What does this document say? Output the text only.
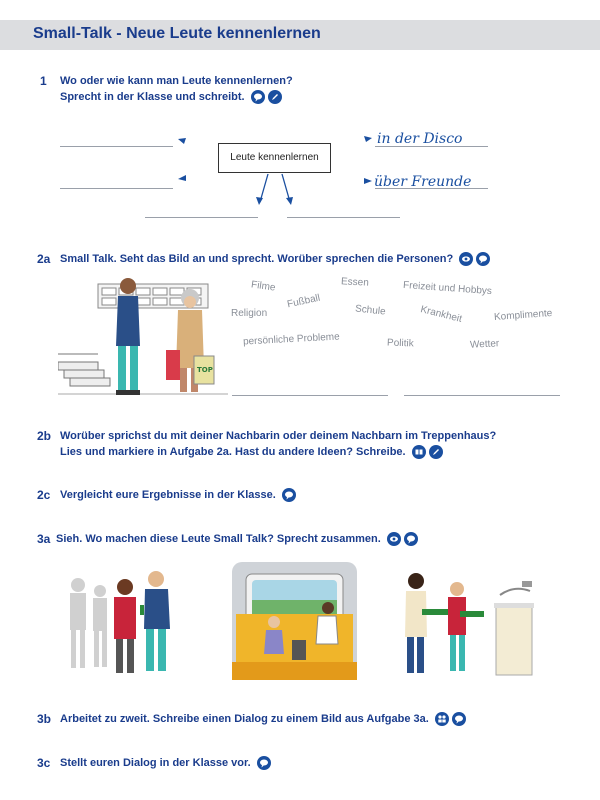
Small-Talk - Neue Leute kennenlernen
1 Wo oder wie kann man Leute kennenlernen?
Sprecht in der Klasse und schreibt.
Leute kennenlernen
in der Disco
über Freunde
2a Small Talk. Seht das Bild an und sprecht. Worüber sprechen die Personen?
TOP
Filme	Essen	Freizeit und Hobbys
Fußball
Religion	Schule	Krankheit	Komplimente
persönliche Probleme	Politik	Wetter
2b Worüber sprichst du mit deiner Nachbarin oder deinem Nachbarn im Treppenhaus?
Lies und markiere in Aufgabe 2a. Hast du andere Ideen? Schreibe.
2c Vergleicht eure Ergebnisse in der Klasse.
3a Sieh. Wo machen diese Leute Small Talk? Sprecht zusammen.
3b Arbeitet zu zweit. Schreibe einen Dialog zu einem Bild aus Aufgabe 3a.
3c Stellt euren Dialog in der Klasse vor.
